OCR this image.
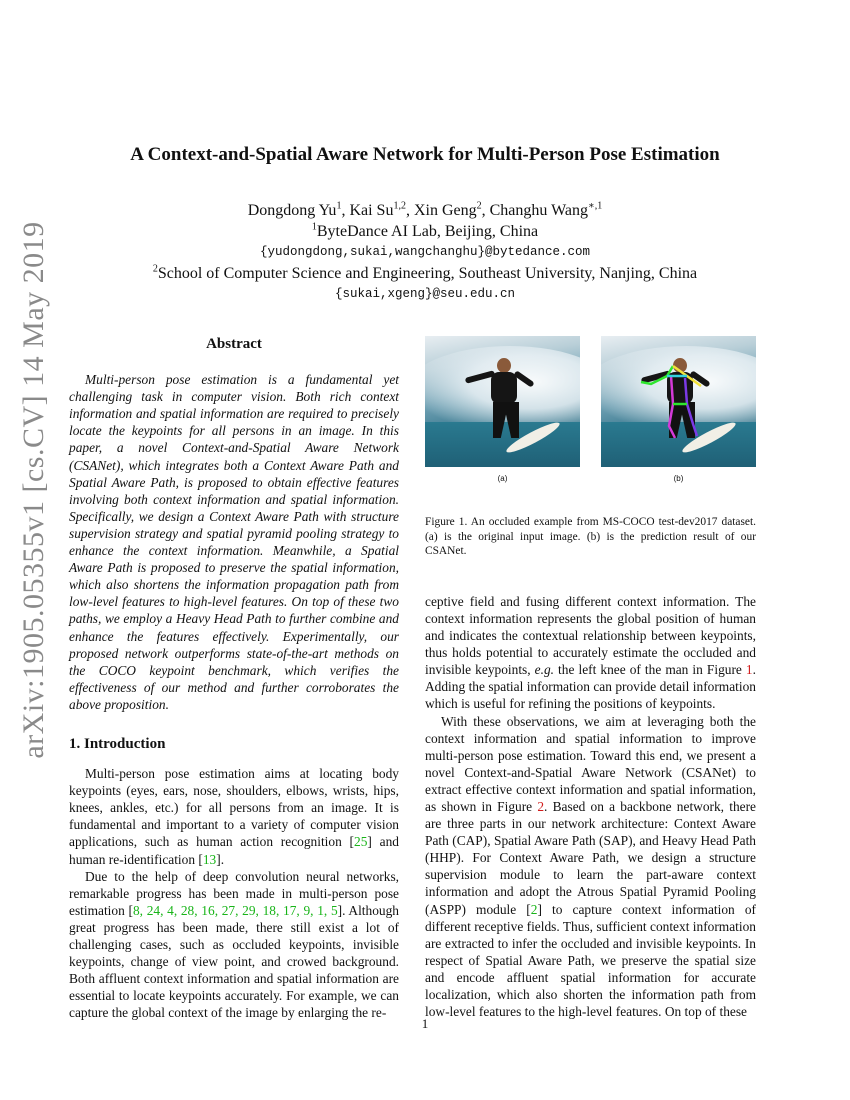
arXiv:1905.05355v1 [cs.CV] 14 May 2019
A Context-and-Spatial Aware Network for Multi-Person Pose Estimation
Dongdong Yu$^1$, Kai Su$^{1,2}$, Xin Geng$^2$, Changhu Wang$^{∗,1}$
$^1$ByteDance AI Lab, Beijing, China
{yudongdong,sukai,wangchanghu}@bytedance.com
$^2$School of Computer Science and Engineering, Southeast University, Nanjing, China
{sukai,xgeng}@seu.edu.cn
Abstract

Multi-person pose estimation is a fundamental yet challenging task in computer vision. Both rich context information and spatial information are required to precisely locate the keypoints for all persons in an image. In this paper, a novel Context-and-Spatial Aware Network (CSANet), which integrates both a Context Aware Path and Spatial Aware Path, is proposed to obtain effective features involving both context information and spatial information. Specifically, we design a Context Aware Path with structure supervision strategy and spatial pyramid pooling strategy to enhance the context information. Meanwhile, a Spatial Aware Path is proposed to preserve the spatial information, which also shortens the information propagation path from low-level features to high-level features. On top of these two paths, we employ a Heavy Head Path to further combine and enhance the features effectively. Experimentally, our proposed network outperforms state-of-the-art methods on the COCO keypoint benchmark, which verifies the effectiveness of our method and further corroborates the above proposition.

1. Introduction

Multi-person pose estimation aims at locating body keypoints (eyes, ears, nose, shoulders, elbows, wrists, hips, knees, ankles, etc.) for all persons from an image. It is fundamental and important to a variety of computer vision applications, such as human action recognition [25] and human re-identification [13].

Due to the help of deep convolution neural networks, remarkable progress has been made in multi-person pose estimation [8, 24, 4, 28, 16, 27, 29, 18, 17, 9, 1, 5]. Although great progress has been made, there still exist a lot of challenging cases, such as occluded keypoints, invisible keypoints, change of view point, and crowed background. Both affluent context information and spatial information are essential to locate keypoints accurately. For example, we can capture the global context of the image by enlarging the re-

(a)	(b)

Figure 1. An occluded example from MS-COCO test-dev2017 dataset. (a) is the original input image. (b) is the prediction result of our CSANet.

ceptive field and fusing different context information. The context information represents the global position of human and indicates the contextual relationship between keypoints, thus holds potential to accurately estimate the occluded and invisible keypoints, e.g. the left knee of the man in Figure 1. Adding the spatial information can provide detail information which is useful for refining the positions of keypoints.

With these observations, we aim at leveraging both the context information and spatial information to improve multi-person pose estimation. Toward this end, we present a novel Context-and-Spatial Aware Network (CSANet) to extract effective context information and spatial information, as shown in Figure 2. Based on a backbone network, there are three parts in our network architecture: Context Aware Path (CAP), Spatial Aware Path (SAP), and Heavy Head Path (HHP). For Context Aware Path, we design a structure supervision module to learn the part-aware context information and adopt the Atrous Spatial Pyramid Pooling (ASPP) module [2] to capture context information of different receptive fields. Thus, sufficient context information are extracted to infer the occluded and invisible keypoints. In respect of Spatial Aware Path, we preserve the spatial size and encode affluent spatial information for accurate localization, which also shorten the information path from low-level features to the high-level features. On top of these

1
